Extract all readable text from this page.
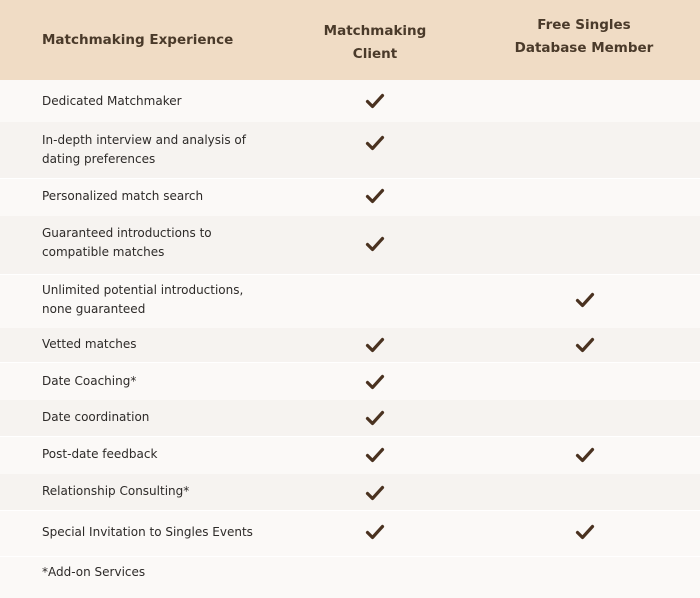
Matchmaking Experience
Matchmaking
Client
Free Singles
Database Member
Dedicated Matchmaker
In-depth interview and analysis of dating preferences
Personalized match search
Guaranteed introductions to compatible matches
Unlimited potential introductions, none guaranteed
Vetted matches
Date Coaching*
Date coordination
Post-date feedback
Relationship Consulting*
Special Invitation to Singles Events
*Add-on Services
